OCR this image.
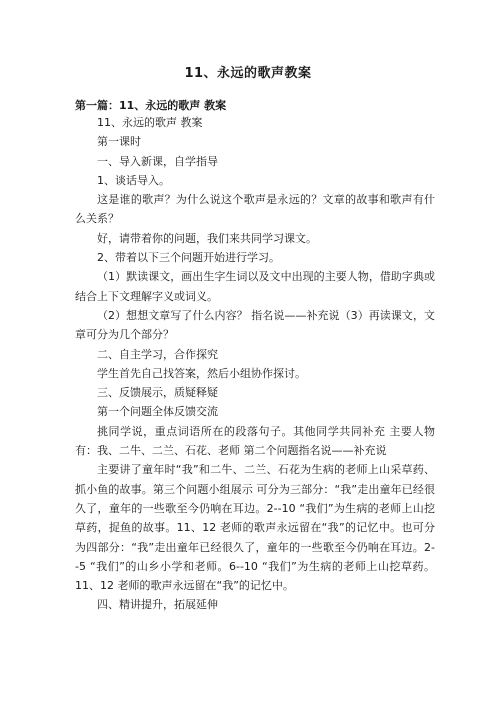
11、永远的歌声教案
第一篇：11、永远的歌声 教案

11、永远的歌声 教案

第一课时

一、导入新课，自学指导

1、谈话导入。

这是谁的歌声？为什么说这个歌声是永远的？文章的故事和歌声有什么关系？

好，请带着你的问题，我们来共同学习课文。

2、带着以下三个问题开始进行学习。

（1）默读课文，画出生字生词以及文中出现的主要人物，借助字典或结合上下文理解字义或词义。

（2）想想文章写了什么内容？ 指名说——补充说（3）再读课文，文章可分为几个部分？

二、自主学习，合作探究

学生首先自己找答案，然后小组协作探讨。

三、反馈展示，质疑释疑

第一个问题全体反馈交流

挑同学说，重点词语所在的段落句子。其他同学共同补充 主要人物有：我、二牛、二兰、石花、老师 第二个问题指名说——补充说

主要讲了童年时“我”和二牛、二兰、石花为生病的老师上山采草药、抓小鱼的故事。第三个问题小组展示 可分为三部分：“我”走出童年已经很久了，童年的一些歌至今仍响在耳边。2--10 “我们”为生病的老师上山挖草药，捉鱼的故事。11、12 老师的歌声永远留在“我”的记忆中。也可分为四部分：“我”走出童年已经很久了，童年的一些歌至今仍响在耳边。2--5 “我们”的山乡小学和老师。6--10 “我们”为生病的老师上山挖草药。11、12 老师的歌声永远留在“我”的记忆中。

四、精讲提升，拓展延伸
